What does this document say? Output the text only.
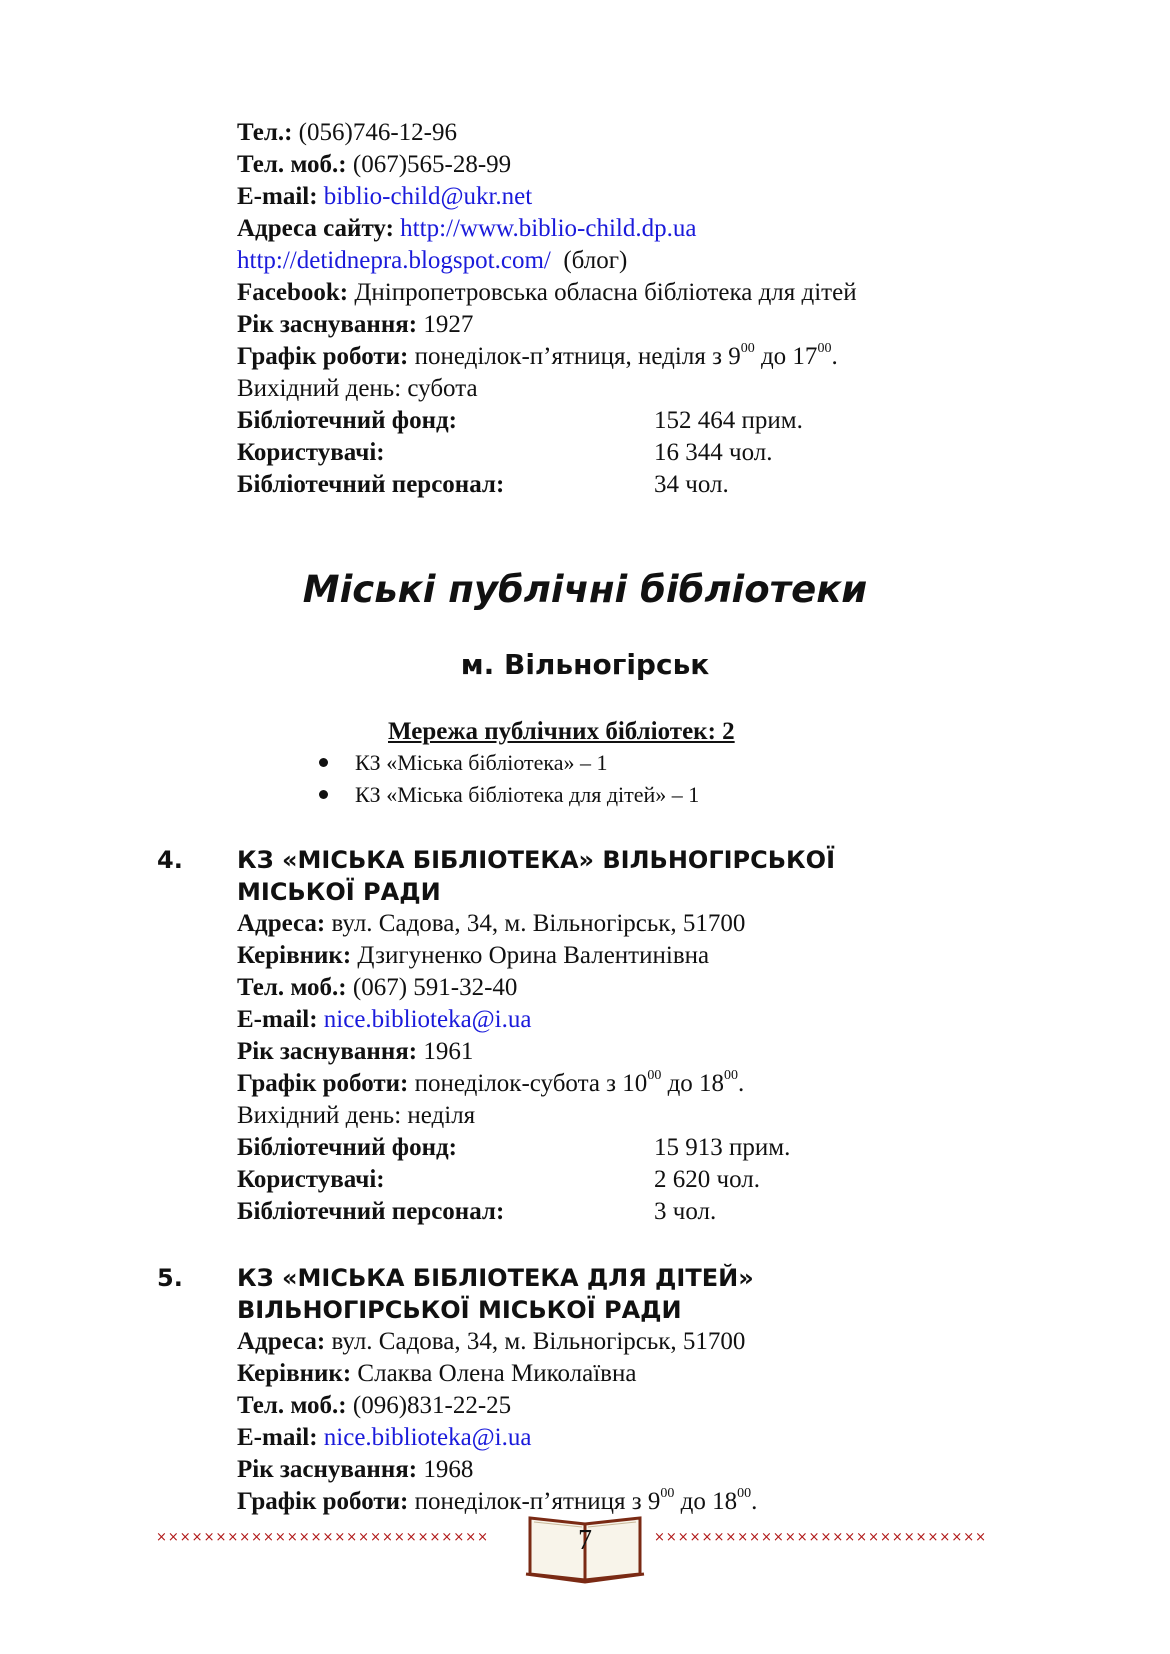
Тел.: (056)746-12-96
Тел. моб.: (067)565-28-99
E-mail: biblio-child@ukr.net
Адреса сайту: http://www.biblio-child.dp.ua
http://detidnepra.blogspot.com/ (блог)
Facebook: Дніпропетровська обласна бібліотека для дітей
Рік заснування: 1927
Графік роботи: понеділок-п’ятниця, неділя з $9^{00}$ до $17^{00}$.
Вихідний день: субота
Бібліотечний фонд:	152 464 прим.
Користувачі:	16 344 чол.
Бібліотечний персонал:	34 чол.
Міські публічні бібліотеки
м. Вільногірськ
Мережа публічних бібліотек: 2
КЗ «Міська бібліотека» – 1
КЗ «Міська бібліотека для дітей» – 1
4. КЗ «МІСЬКА БІБЛІОТЕКА» ВІЛЬНОГІРСЬКОЇ
МІСЬКОЇ РАДИ
Адреса: вул. Садова, 34, м. Вільногірськ, 51700
Керівник: Дзигуненко Орина Валентинівна
Тел. моб.: (067) 591-32-40
E-mail: nice.biblioteka@i.ua
Рік заснування: 1961
Графік роботи: понеділок-субота з $10^{00}$ до $18^{00}$.
Вихідний день: неділя
Бібліотечний фонд:	15 913 прим.
Користувачі:	2 620 чол.
Бібліотечний персонал:	3 чол.
5. КЗ «МІСЬКА БІБЛІОТЕКА ДЛЯ ДІТЕЙ»
ВІЛЬНОГІРСЬКОЇ МІСЬКОЇ РАДИ
Адреса: вул. Садова, 34, м. Вільногірськ, 51700
Керівник: Слаква Олена Миколаївна
Тел. моб.: (096)831-22-25
E-mail: nice.biblioteka@i.ua
Рік заснування: 1968
Графік роботи: понеділок-п’ятниця з $9^{00}$ до $18^{00}$.
××××××××××××××××××××××××××××	××××××××××××××××××××××××××××
7
